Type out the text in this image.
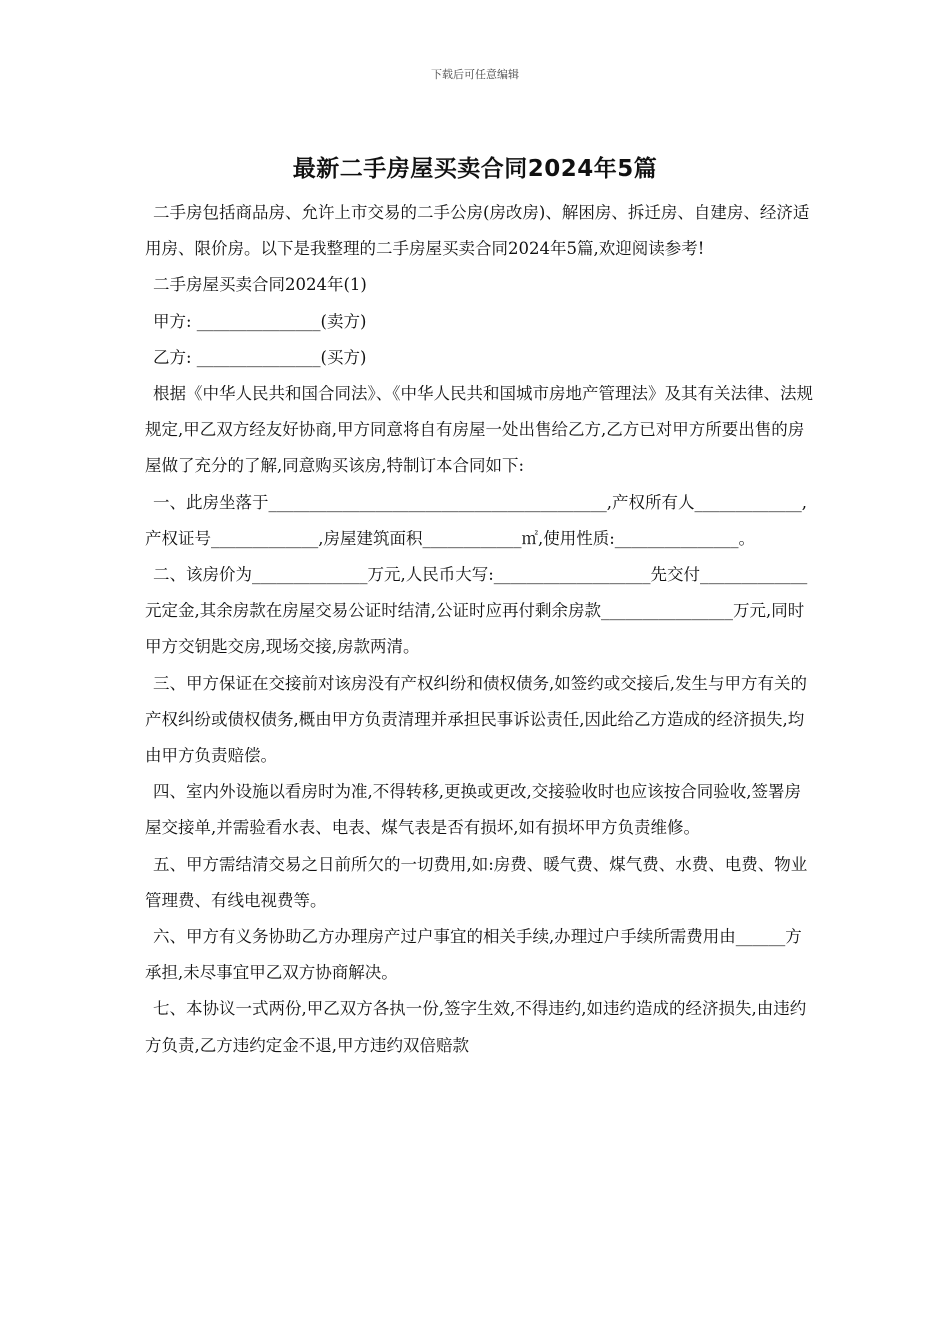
下载后可任意编辑
最新二手房屋买卖合同2024年5篇

二手房包括商品房、允许上市交易的二手公房(房改房)、解困房、拆迁房、自建房、经济适用房、限价房。以下是我整理的二手房屋买卖合同2024年5篇,欢迎阅读参考!

二手房屋买卖合同2024年(1)

甲方: _______________(卖方)

乙方: _______________(买方)

根据《中华人民共和国合同法》、《中华人民共和国城市房地产管理法》及其有关法律、法规规定,甲乙双方经友好协商,甲方同意将自有房屋一处出售给乙方,乙方已对甲方所要出售的房屋做了充分的了解,同意购买该房,特制订本合同如下:

一、此房坐落于_________________________________________,产权所有人_____________,产权证号_____________,房屋建筑面积____________㎡,使用性质:_______________。

二、该房价为______________万元,人民币大写:___________________先交付_____________元定金,其余房款在房屋交易公证时结清,公证时应再付剩余房款________________万元,同时甲方交钥匙交房,现场交接,房款两清。

三、甲方保证在交接前对该房没有产权纠纷和债权债务,如签约或交接后,发生与甲方有关的产权纠纷或债权债务,概由甲方负责清理并承担民事诉讼责任,因此给乙方造成的经济损失,均由甲方负责赔偿。

四、室内外设施以看房时为准,不得转移,更换或更改,交接验收时也应该按合同验收,签署房屋交接单,并需验看水表、电表、煤气表是否有损坏,如有损坏甲方负责维修。

五、甲方需结清交易之日前所欠的一切费用,如:房费、暖气费、煤气费、水费、电费、物业管理费、有线电视费等。

六、甲方有义务协助乙方办理房产过户事宜的相关手续,办理过户手续所需费用由______方承担,未尽事宜甲乙双方协商解决。

七、本协议一式两份,甲乙双方各执一份,签字生效,不得违约,如违约造成的经济损失,由违约方负责,乙方违约定金不退,甲方违约双倍赔款
